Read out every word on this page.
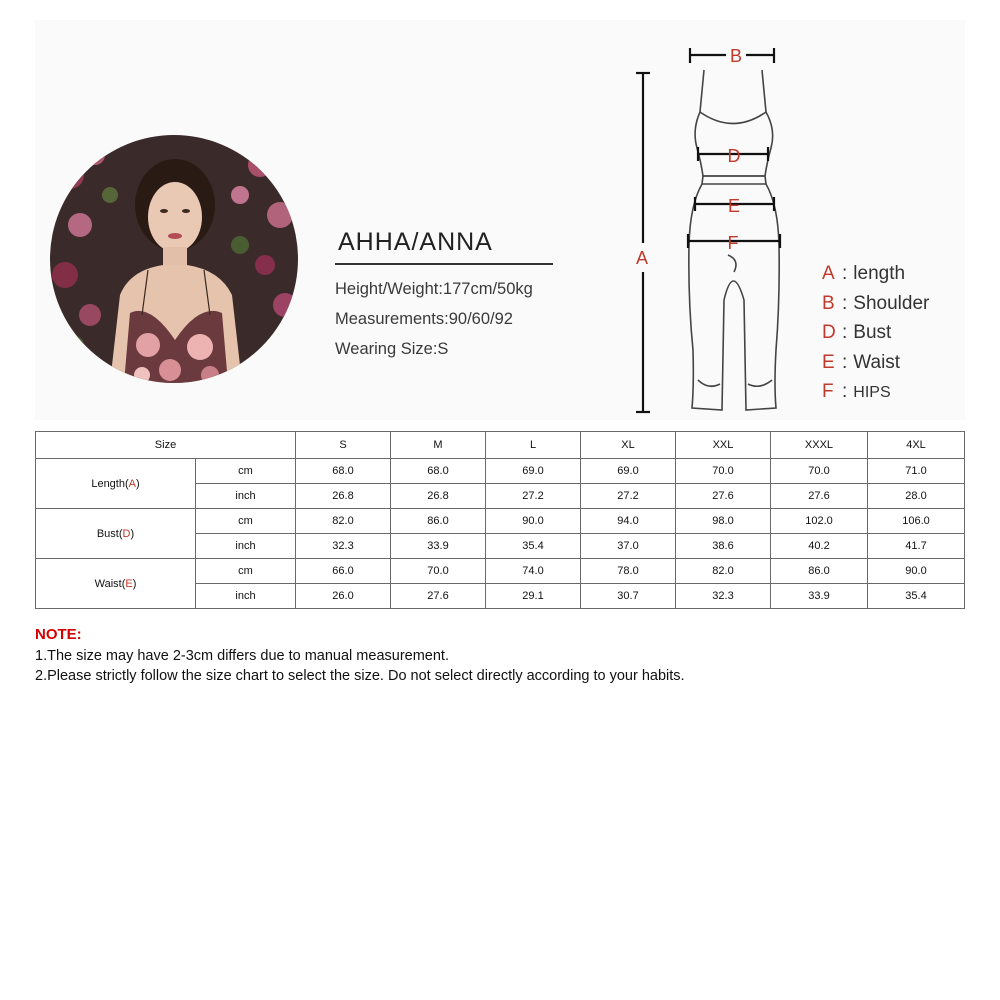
AHHA/ANNA
Height/Weight:177cm/50kg
Measurements:90/60/92
Wearing Size:S
B
A
D
E
F
A : length
B : Shoulder
D : Bust
E : Waist
F : HIPS
Size		S	M	L	XL	XXL	XXXL	4XL
Length(A)	cm	68.0	68.0	69.0	69.0	70.0	70.0	71.0
	inch	26.8	26.8	27.2	27.2	27.6	27.6	28.0
Bust(D)	cm	82.0	86.0	90.0	94.0	98.0	102.0	106.0
	inch	32.3	33.9	35.4	37.0	38.6	40.2	41.7
Waist(E)	cm	66.0	70.0	74.0	78.0	82.0	86.0	90.0
	inch	26.0	27.6	29.1	30.7	32.3	33.9	35.4
NOTE:
1.The size may have 2-3cm differs due to manual measurement.
2.Please strictly follow the size chart to select the size. Do not select directly according to your habits.
